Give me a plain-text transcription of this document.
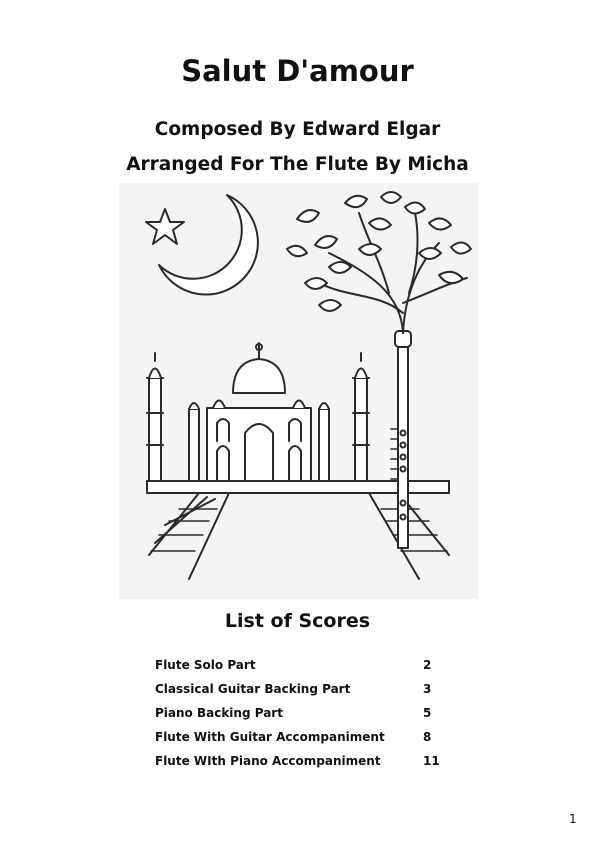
Salut D'amour

Composed By Edward Elgar

Arranged For The Flute By Micha

List of Scores

Flute Solo Part	2
Classical Guitar Backing Part	3
Piano Backing Part	5
Flute With Guitar Accompaniment	8
Flute WIth Piano Accompaniment	11
1
